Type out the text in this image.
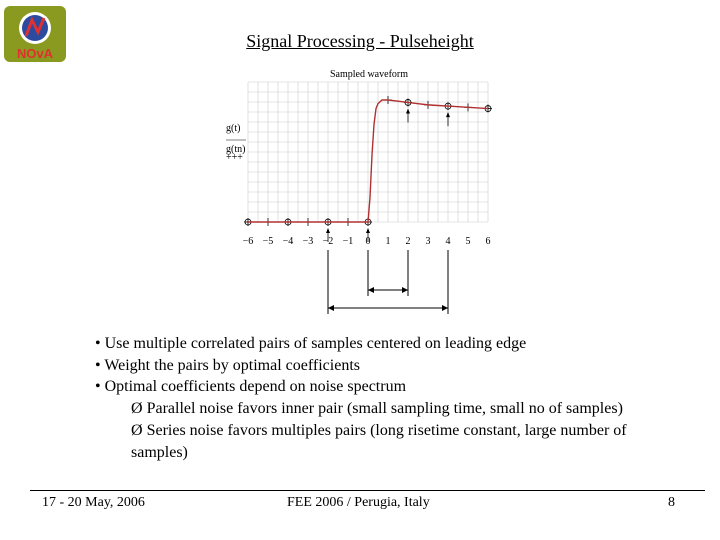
NOvA
Signal Processing - Pulseheight
Sampled waveform
g(t)
g(tn)
+++
−6 −5 −4 −3 −2 −1 0 1 2 3 4 5 6
• Use multiple correlated pairs of samples centered on leading edge
• Weight the pairs by optimal coefficients
• Optimal coefficients depend on noise spectrum
Ø Parallel noise favors inner pair (small sampling time, small no of samples)
Ø Series noise favors multiples pairs (long risetime constant, large number of samples)
17 - 20 May, 2006	FEE 2006 / Perugia, Italy	8
